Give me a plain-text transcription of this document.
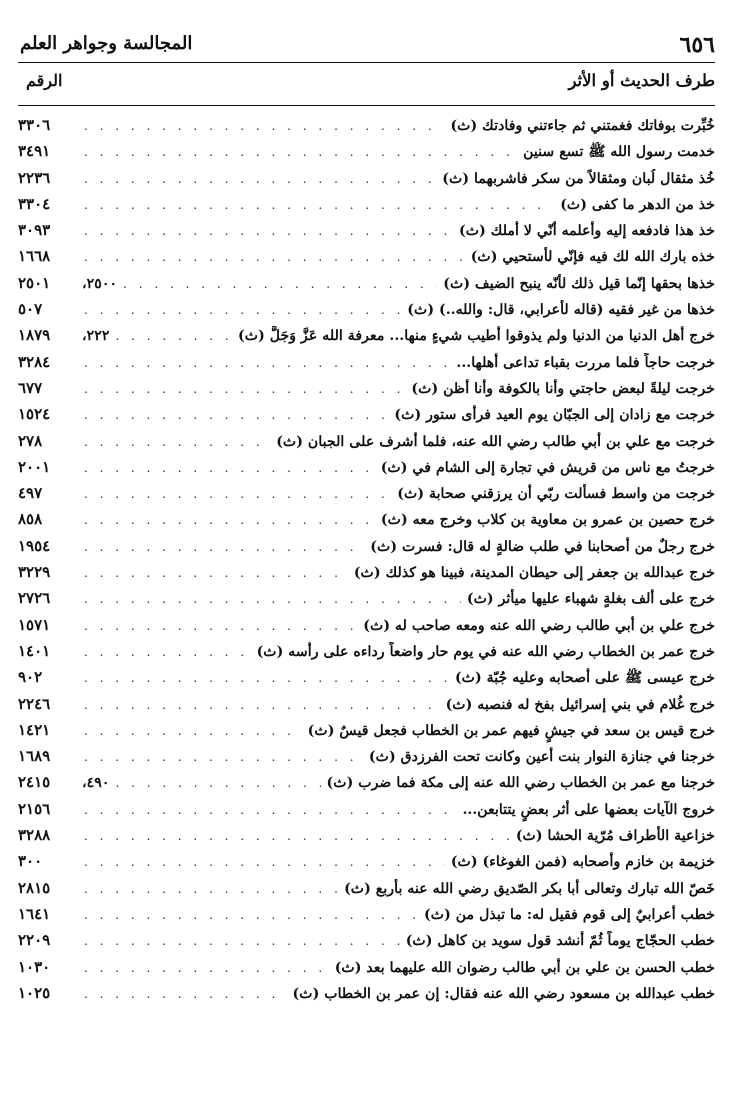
٦٥٦
المجالسة وجواهر العلم
طرف الحديث أو الأثر
الرقم
خُبِّرت بوفاتك فغمتني ثم جاءتني وفادتك (ث)
. . .
٣٣٠٦
خدمت رسول الله ﷺ تسع سنين
. . .
٣٤٩١
خُذ مثقال لُبان ومثقالاً من سكر فاشربهما (ث)
. . .
٢٢٣٦
خذ من الدهر ما كفى (ث)
. . .
٣٣٠٤
خذ هذا فادفعه إليه وأعلمه أنّي لا أملك (ث)
. . .
٣٠٩٣
خذه بارك الله لك فيه فإنّي لأستحيي (ث)
. . .
١٦٦٨
خذها بحقها إنّما قيل ذلك لأنّه ينبح الضيف (ث)
. . .
٢٥٠٠،
٢٥٠١
خذها من غير فقيه (قاله لأعرابي، قال: والله..) (ث)
. . .
٥٠٧
خرج أهل الدنيا من الدنيا ولم يذوقوا أطيب شيءٍ منها... معرفة الله عَزَّ وَجَلَّ (ث)
. . .
٢٢٢،
١٨٧٩
خرجت حاجاً فلما مررت بقباء تداعى أهلها...
. . .
٣٢٨٤
خرجت ليلةً لبعض حاجتي وأنا بالكوفة وأنا أظن (ث)
. . .
٦٧٧
خرجت مع زادان إلى الجبّان يوم العيد فرأى ستور (ث)
. . .
١٥٢٤
خرجت مع علي بن أبي طالب رضي الله عنه، فلما أشرف على الجبان (ث)
. . .
٢٧٨
خرجتُ مع ناس من قريش في تجارة إلى الشام في (ث)
. . .
٢٠٠١
خرجت من واسط فسألت ربّي أن يرزقني صحابة (ث)
. . .
٤٩٧
خرج حصين بن عمرو بن معاوية بن كلاب وخرج معه (ث)
. . .
٨٥٨
خرج رجلٌ من أصحابنا في طلب ضالةٍ له قال: فسرت (ث)
. . .
١٩٥٤
خرج عبدالله بن جعفر إلى حيطان المدينة، فبينا هو كذلك (ث)
. . .
٣٢٢٩
خرج على ألف بغلةٍ شهباء عليها ميأثر (ث)
. . .
٢٧٢٦
خرج علي بن أبي طالب رضي الله عنه ومعه صاحب له (ث)
. . .
١٥٧١
خرج عمر بن الخطاب رضي الله عنه في يوم حار واضعاً رداءه على رأسه (ث)
. . .
١٤٠١
خرج عيسى ﷺ على أصحابه وعليه جُبّة (ث)
. . .
٩٠٢
خرج غُلام في بني إسرائيل بفخ له فنصبه (ث)
. . .
٢٢٤٦
خرج قيس بن سعد في جيشٍ فيهم عمر بن الخطاب فجعل قيسٌ (ث)
. . .
١٤٢١
خرجنا في جنازة النوار بنت أعين وكانت تحت الفرزدق (ث)
. . .
١٦٨٩
خرجنا مع عمر بن الخطاب رضي الله عنه إلى مكة فما ضرب (ث)
. . .
٤٩٠،
٢٤١٥
خروج الآيات بعضها على أثر بعضٍ يتتابعن...
. . .
٢١٥٦
خزاعية الأطراف مُرّية الحشا (ث)
. . .
٣٢٨٨
خزيمة بن خازم وأصحابه (فمن الغوغاء) (ث)
. . .
٣٠٠
خَصّ الله تبارك وتعالى أبا بكر الصّديق رضي الله عنه بأربع (ث)
. . .
٢٨١٥
خطب أعرابيٌ إلى قوم فقيل له: ما تبذل من (ث)
. . .
١٦٤١
خطب الحجّاج يوماً ثُمّ أنشد قول سويد بن كاهل (ث)
. . .
٢٢٠٩
خطب الحسن بن علي بن أبي طالب رضوان الله عليهما بعد (ث)
. . .
١٠٣٠
خطب عبدالله بن مسعود رضي الله عنه فقال: إن عمر بن الخطاب (ث)
. . .
١٠٢٥
